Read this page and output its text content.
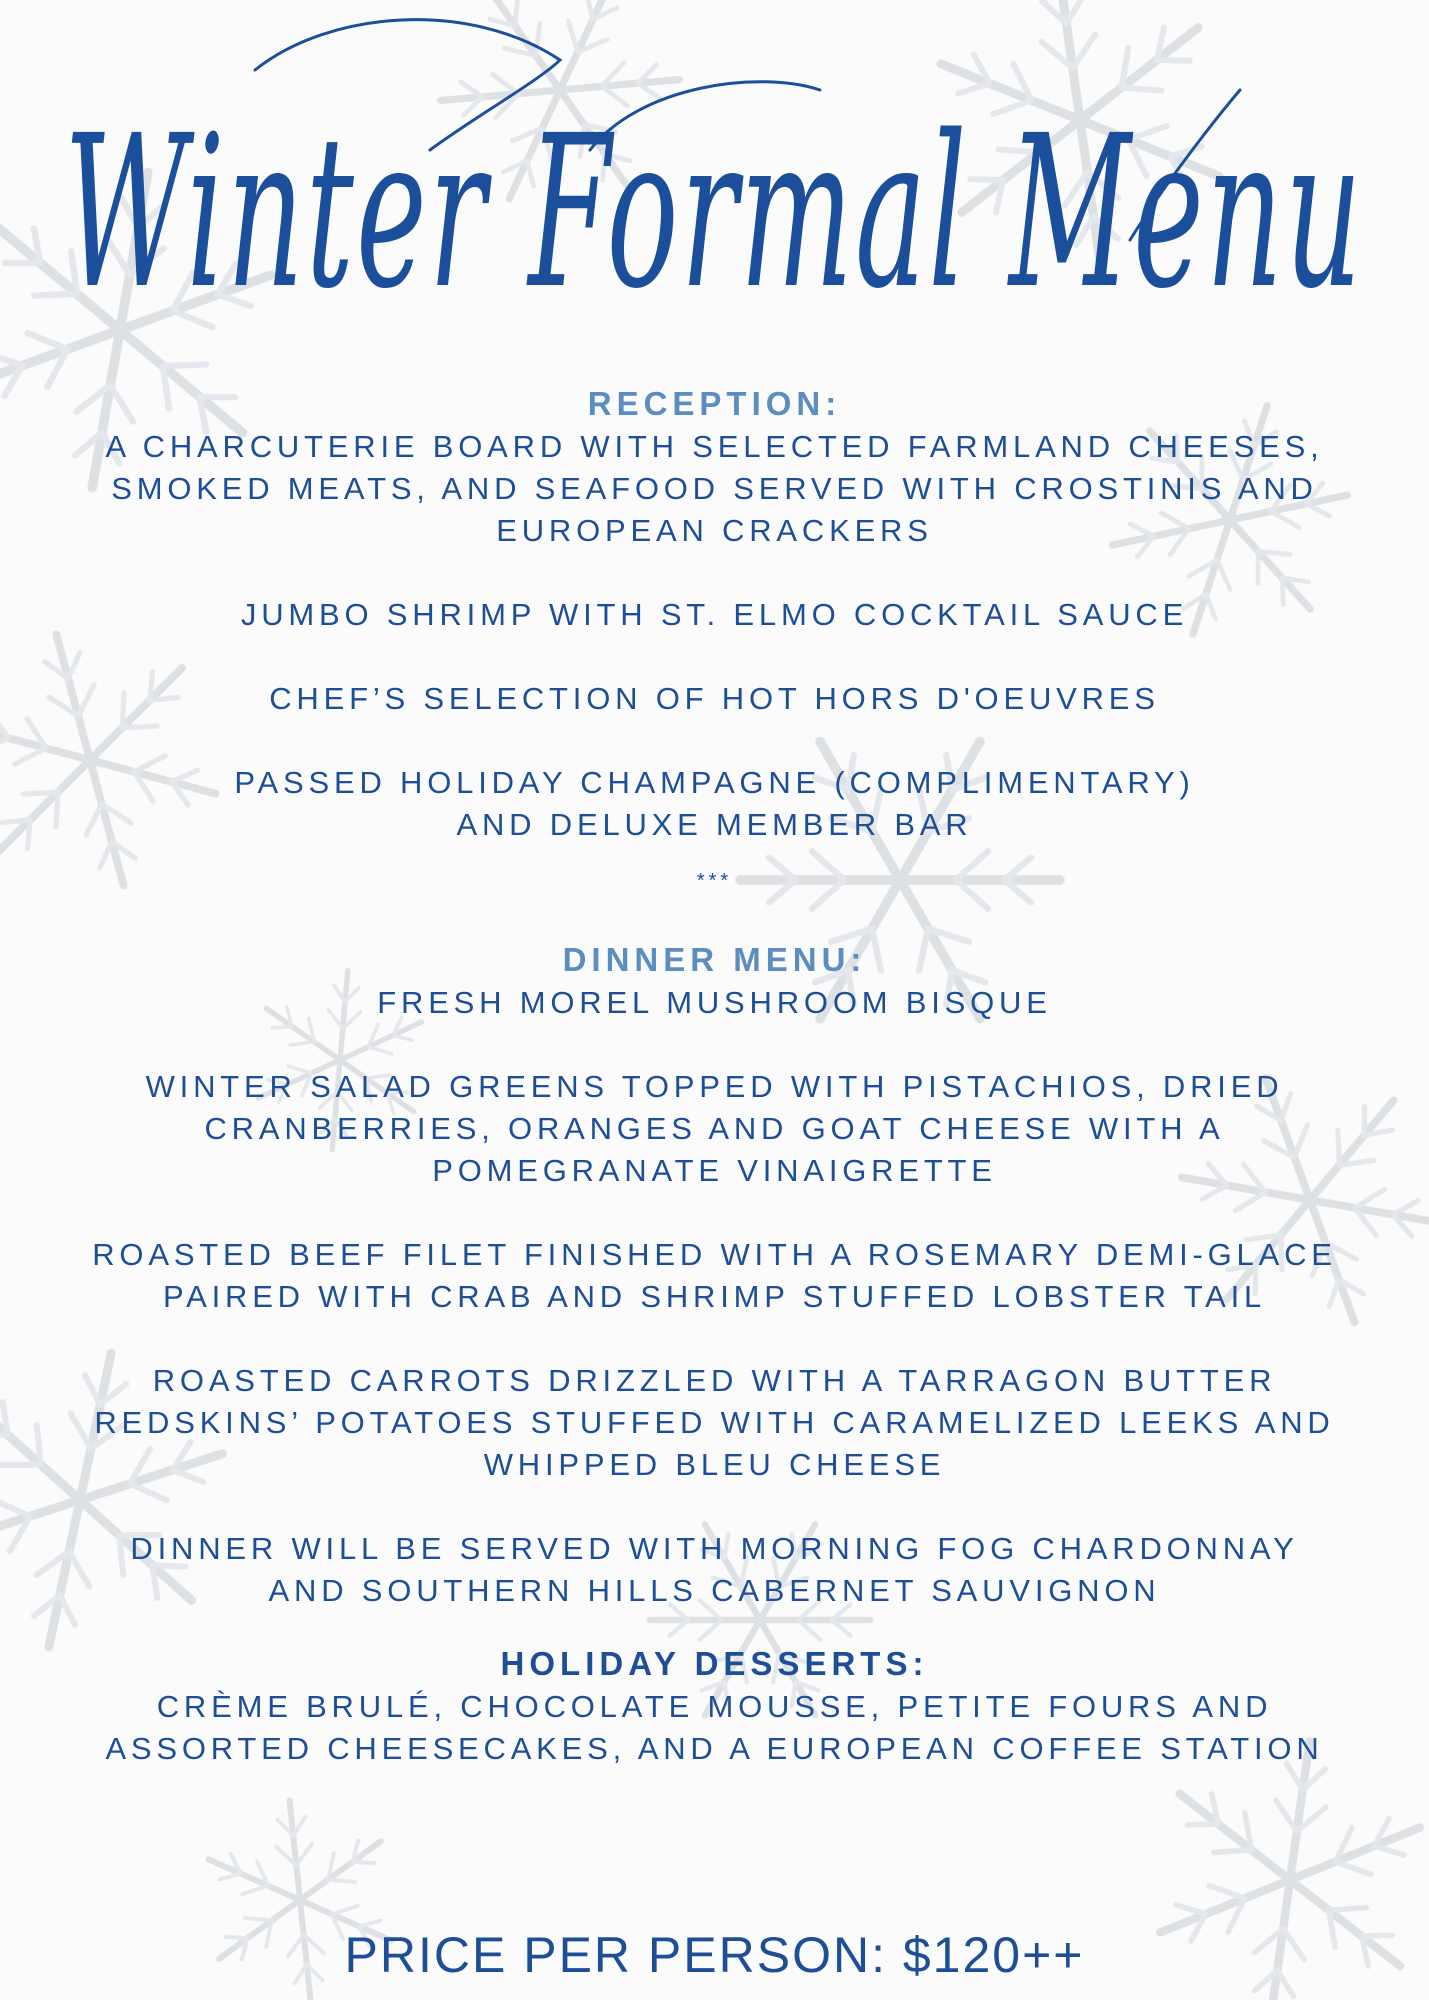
Winter Formal Menu
RECEPTION:
A CHARCUTERIE BOARD WITH SELECTED FARMLAND CHEESES,
SMOKED MEATS, AND SEAFOOD SERVED WITH CROSTINIS AND
EUROPEAN CRACKERS
JUMBO SHRIMP WITH ST. ELMO COCKTAIL SAUCE
CHEF’S SELECTION OF HOT HORS D'OEUVRES
PASSED HOLIDAY CHAMPAGNE (COMPLIMENTARY)
AND DELUXE MEMBER BAR
***
DINNER MENU:
FRESH MOREL MUSHROOM BISQUE
WINTER SALAD GREENS TOPPED WITH PISTACHIOS, DRIED
CRANBERRIES, ORANGES AND GOAT CHEESE WITH A
POMEGRANATE VINAIGRETTE
ROASTED BEEF FILET FINISHED WITH A ROSEMARY DEMI-GLACE
PAIRED WITH CRAB AND SHRIMP STUFFED LOBSTER TAIL
ROASTED CARROTS DRIZZLED WITH A TARRAGON BUTTER
REDSKINS’ POTATOES STUFFED WITH CARAMELIZED LEEKS AND
WHIPPED BLEU CHEESE
DINNER WILL BE SERVED WITH MORNING FOG CHARDONNAY
AND SOUTHERN HILLS CABERNET SAUVIGNON
HOLIDAY DESSERTS:
CRÈME BRULÉ, CHOCOLATE MOUSSE, PETITE FOURS AND
ASSORTED CHEESECAKES, AND A EUROPEAN COFFEE STATION
PRICE PER PERSON: $120++
